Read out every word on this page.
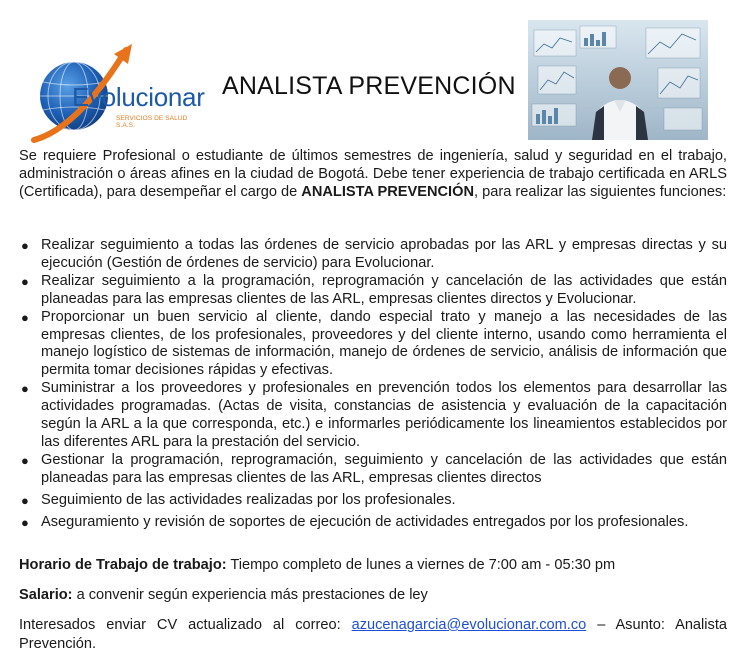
Evolucionar
SERVICIOS DE SALUD S.A.S.
ANALISTA PREVENCIÓN
Se requiere Profesional o estudiante de últimos semestres de ingeniería, salud y seguridad en el trabajo, administración o áreas afines en la ciudad de Bogotá. Debe tener experiencia de trabajo certificada en ARLS (Certificada), para desempeñar el cargo de ANALISTA PREVENCIÓN, para realizar las siguientes funciones:
● Realizar seguimiento a todas las órdenes de servicio aprobadas por las ARL y empresas directas y su ejecución (Gestión de órdenes de servicio) para Evolucionar.
● Realizar seguimiento a la programación, reprogramación y cancelación de las actividades que están planeadas para las empresas clientes de las ARL, empresas clientes directos y Evolucionar.
● Proporcionar un buen servicio al cliente, dando especial trato y manejo a las necesidades de las empresas clientes, de los profesionales, proveedores y del cliente interno, usando como herramienta el manejo logístico de sistemas de información, manejo de órdenes de servicio, análisis de información que permita tomar decisiones rápidas y efectivas.
● Suministrar a los proveedores y profesionales en prevención todos los elementos para desarrollar las actividades programadas. (Actas de visita, constancias de asistencia y evaluación de la capacitación según la ARL a la que corresponda, etc.) e informarles periódicamente los lineamientos establecidos por las diferentes ARL para la prestación del servicio.
● Gestionar la programación, reprogramación, seguimiento y cancelación de las actividades que están planeadas para las empresas clientes de las ARL, empresas clientes directos
● Seguimiento de las actividades realizadas por los profesionales.
● Aseguramiento y revisión de soportes de ejecución de actividades entregados por los profesionales.
Horario de Trabajo de trabajo: Tiempo completo de lunes a viernes de 7:00 am - 05:30 pm
Salario: a convenir según experiencia más prestaciones de ley
Interesados enviar CV actualizado al correo: azucenagarcia@evolucionar.com.co – Asunto: Analista Prevención.
